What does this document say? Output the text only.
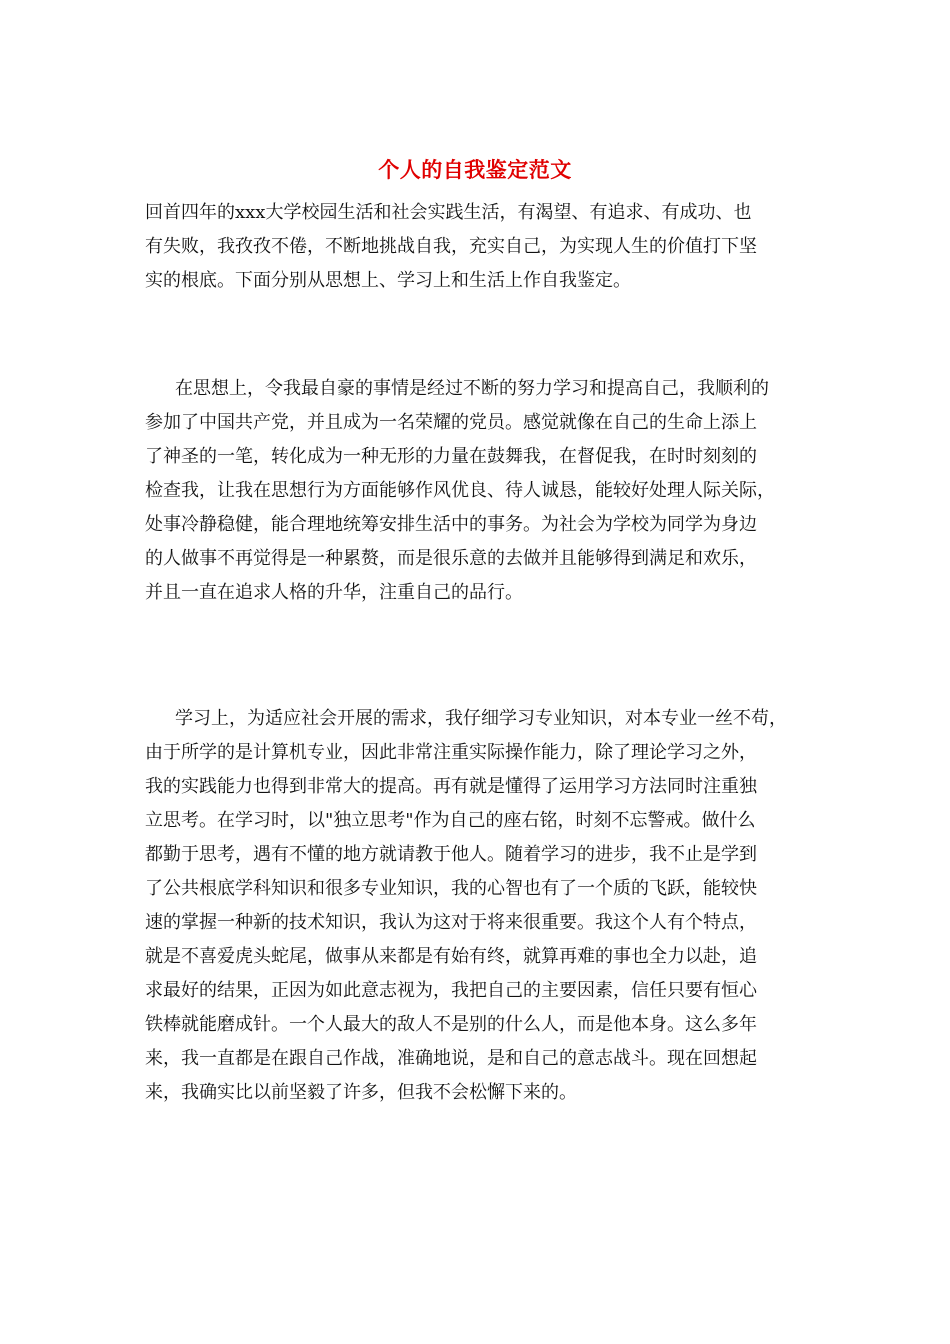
个人的自我鉴定范文
回首四年的xxx大学校园生活和社会实践生活，有渴望、有追求、有成功、也
有失败，我孜孜不倦，不断地挑战自我，充实自己，为实现人生的价值打下坚
实的根底。下面分别从思想上、学习上和生活上作自我鉴定。
在思想上，令我最自豪的事情是经过不断的努力学习和提高自己，我顺利的
参加了中国共产党，并且成为一名荣耀的党员。感觉就像在自己的生命上添上
了神圣的一笔，转化成为一种无形的力量在鼓舞我，在督促我，在时时刻刻的
检查我，让我在思想行为方面能够作风优良、待人诚恳，能较好处理人际关际，
处事冷静稳健，能合理地统筹安排生活中的事务。为社会为学校为同学为身边
的人做事不再觉得是一种累赘，而是很乐意的去做并且能够得到满足和欢乐，
并且一直在追求人格的升华，注重自己的品行。
学习上，为适应社会开展的需求，我仔细学习专业知识，对本专业一丝不苟，
由于所学的是计算机专业，因此非常注重实际操作能力，除了理论学习之外，
我的实践能力也得到非常大的提高。再有就是懂得了运用学习方法同时注重独
立思考。在学习时，以"独立思考"作为自己的座右铭，时刻不忘警戒。做什么
都勤于思考，遇有不懂的地方就请教于他人。随着学习的进步，我不止是学到
了公共根底学科知识和很多专业知识，我的心智也有了一个质的飞跃，能较快
速的掌握一种新的技术知识，我认为这对于将来很重要。我这个人有个特点，
就是不喜爱虎头蛇尾，做事从来都是有始有终，就算再难的事也全力以赴，追
求最好的结果，正因为如此意志视为，我把自己的主要因素，信任只要有恒心
铁棒就能磨成针。一个人最大的敌人不是别的什么人，而是他本身。这么多年
来，我一直都是在跟自己作战，准确地说，是和自己的意志战斗。现在回想起
来，我确实比以前坚毅了许多，但我不会松懈下来的。
